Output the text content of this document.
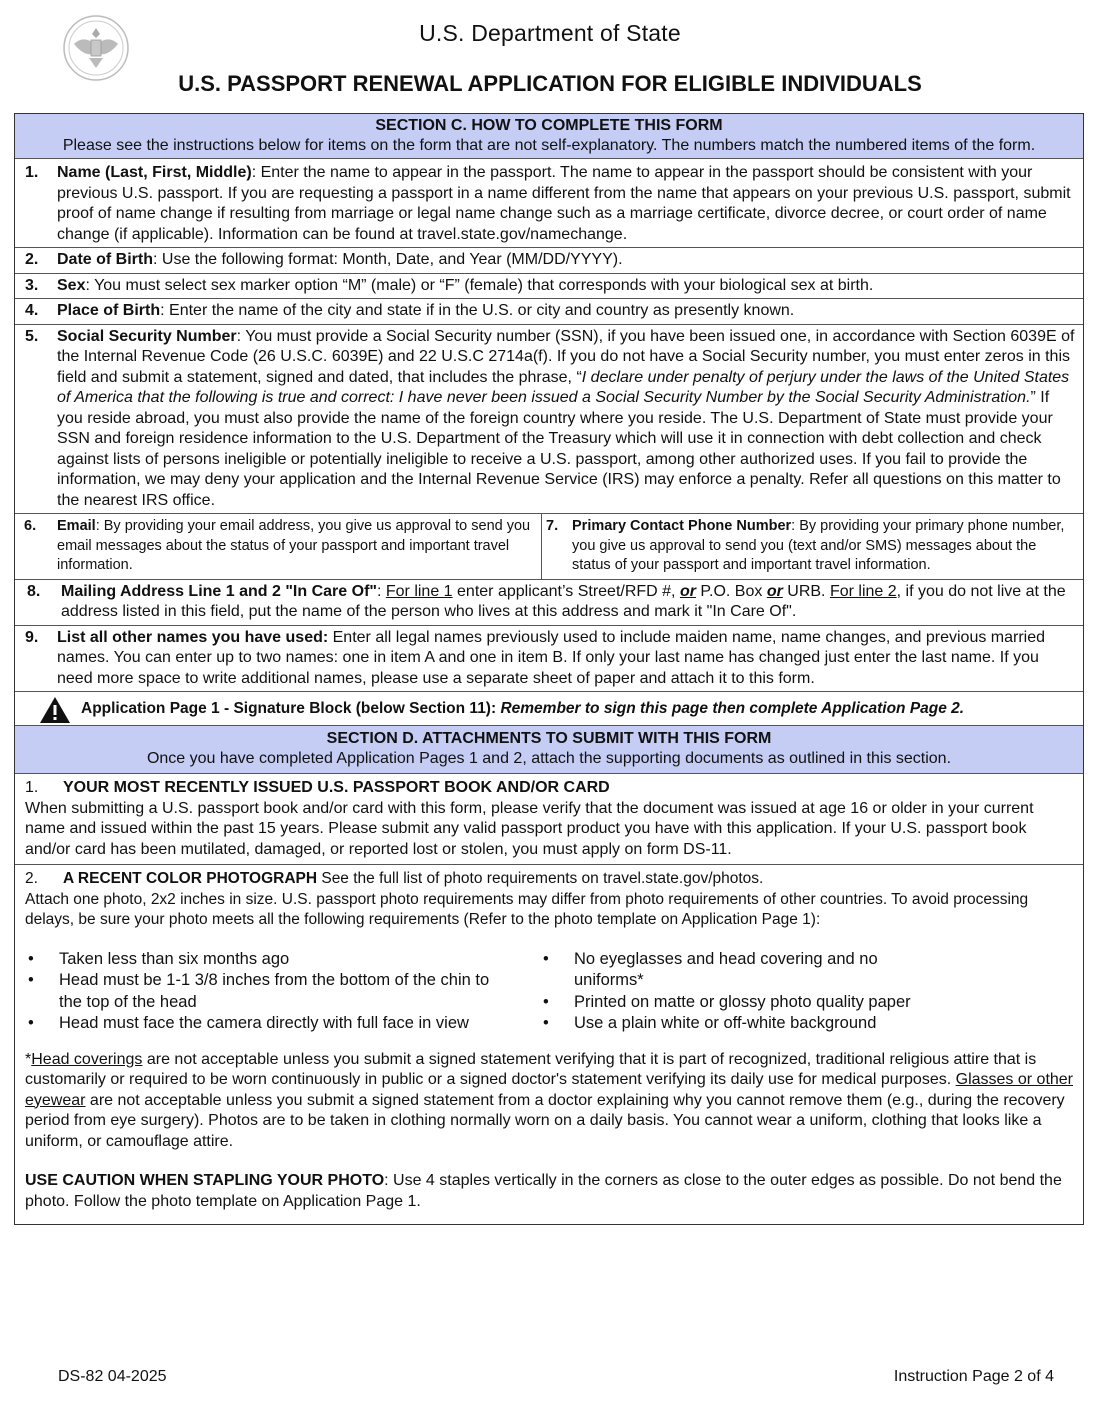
U.S. Department of State
U.S. PASSPORT RENEWAL APPLICATION FOR ELIGIBLE INDIVIDUALS
SECTION C. HOW TO COMPLETE THIS FORM
Please see the instructions below for items on the form that are not self-explanatory. The numbers match the numbered items of the form.
1.	Name (Last, First, Middle): Enter the name to appear in the passport. The name to appear in the passport should be consistent with your previous U.S. passport. If you are requesting a passport in a name different from the name that appears on your previous U.S. passport, submit proof of name change if resulting from marriage or legal name change such as a marriage certificate, divorce decree, or court order of name change (if applicable). Information can be found at travel.state.gov/namechange.
2.	Date of Birth: Use the following format: Month, Date, and Year (MM/DD/YYYY).
3.	Sex: You must select sex marker option “M” (male) or “F” (female) that corresponds with your biological sex at birth.
4.	Place of Birth: Enter the name of the city and state if in the U.S. or city and country as presently known.
5.	Social Security Number: You must provide a Social Security number (SSN), if you have been issued one, in accordance with Section 6039E of the Internal Revenue Code (26 U.S.C. 6039E) and 22 U.S.C 2714a(f). If you do not have a Social Security number, you must enter zeros in this field and submit a statement, signed and dated, that includes the phrase, “I declare under penalty of perjury under the laws of the United States of America that the following is true and correct: I have never been issued a Social Security Number by the Social Security Administration.” If you reside abroad, you must also provide the name of the foreign country where you reside. The U.S. Department of State must provide your SSN and foreign residence information to the U.S. Department of the Treasury which will use it in connection with debt collection and check against lists of persons ineligible or potentially ineligible to receive a U.S. passport, among other authorized uses. If you fail to provide the information, we may deny your application and the Internal Revenue Service (IRS) may enforce a penalty. Refer all questions on this matter to the nearest IRS office.
6.	Email: By providing your email address, you give us approval to send you email messages about the status of your passport and important travel information.
7. Primary Contact Phone Number: By providing your primary phone number, you give us approval to send you (text and/or SMS) messages about the status of your passport and important travel information.
8.	Mailing Address Line 1 and 2 "In Care Of": For line 1 enter applicant’s Street/RFD #, or P.O. Box or URB. For line 2, if you do not live at the address listed in this field, put the name of the person who lives at this address and mark it "In Care Of".
9.	List all other names you have used: Enter all legal names previously used to include maiden name, name changes, and previous married names. You can enter up to two names: one in item A and one in item B. If only your last name has changed just enter the last name. If you need more space to write additional names, please use a separate sheet of paper and attach it to this form.
Application Page 1 - Signature Block (below Section 11): Remember to sign this page then complete Application Page 2.
SECTION D. ATTACHMENTS TO SUBMIT WITH THIS FORM
Once you have completed Application Pages 1 and 2, attach the supporting documents as outlined in this section.
1. YOUR MOST RECENTLY ISSUED U.S. PASSPORT BOOK AND/OR CARD
When submitting a U.S. passport book and/or card with this form, please verify that the document was issued at age 16 or older in your current name and issued within the past 15 years. Please submit any valid passport product you have with this application. If your U.S. passport book and/or card has been mutilated, damaged, or reported lost or stolen, you must apply on form DS-11.
2. A RECENT COLOR PHOTOGRAPH See the full list of photo requirements on travel.state.gov/photos.
Attach one photo, 2x2 inches in size. U.S. passport photo requirements may differ from photo requirements of other countries. To avoid processing delays, be sure your photo meets all the following requirements (Refer to the photo template on Application Page 1):
• Taken less than six months ago
• Head must be 1-1 3/8 inches from the bottom of the chin to the top of the head
• Head must face the camera directly with full face in view
• No eyeglasses and head covering and no uniforms*
• Printed on matte or glossy photo quality paper
• Use a plain white or off-white background
*Head coverings are not acceptable unless you submit a signed statement verifying that it is part of recognized, traditional religious attire that is customarily or required to be worn continuously in public or a signed doctor's statement verifying its daily use for medical purposes. Glasses or other eyewear are not acceptable unless you submit a signed statement from a doctor explaining why you cannot remove them (e.g., during the recovery period from eye surgery). Photos are to be taken in clothing normally worn on a daily basis. You cannot wear a uniform, clothing that looks like a uniform, or camouflage attire.
USE CAUTION WHEN STAPLING YOUR PHOTO: Use 4 staples vertically in the corners as close to the outer edges as possible. Do not bend the photo. Follow the photo template on Application Page 1.
DS-82 04-2025	Instruction Page 2 of 4
